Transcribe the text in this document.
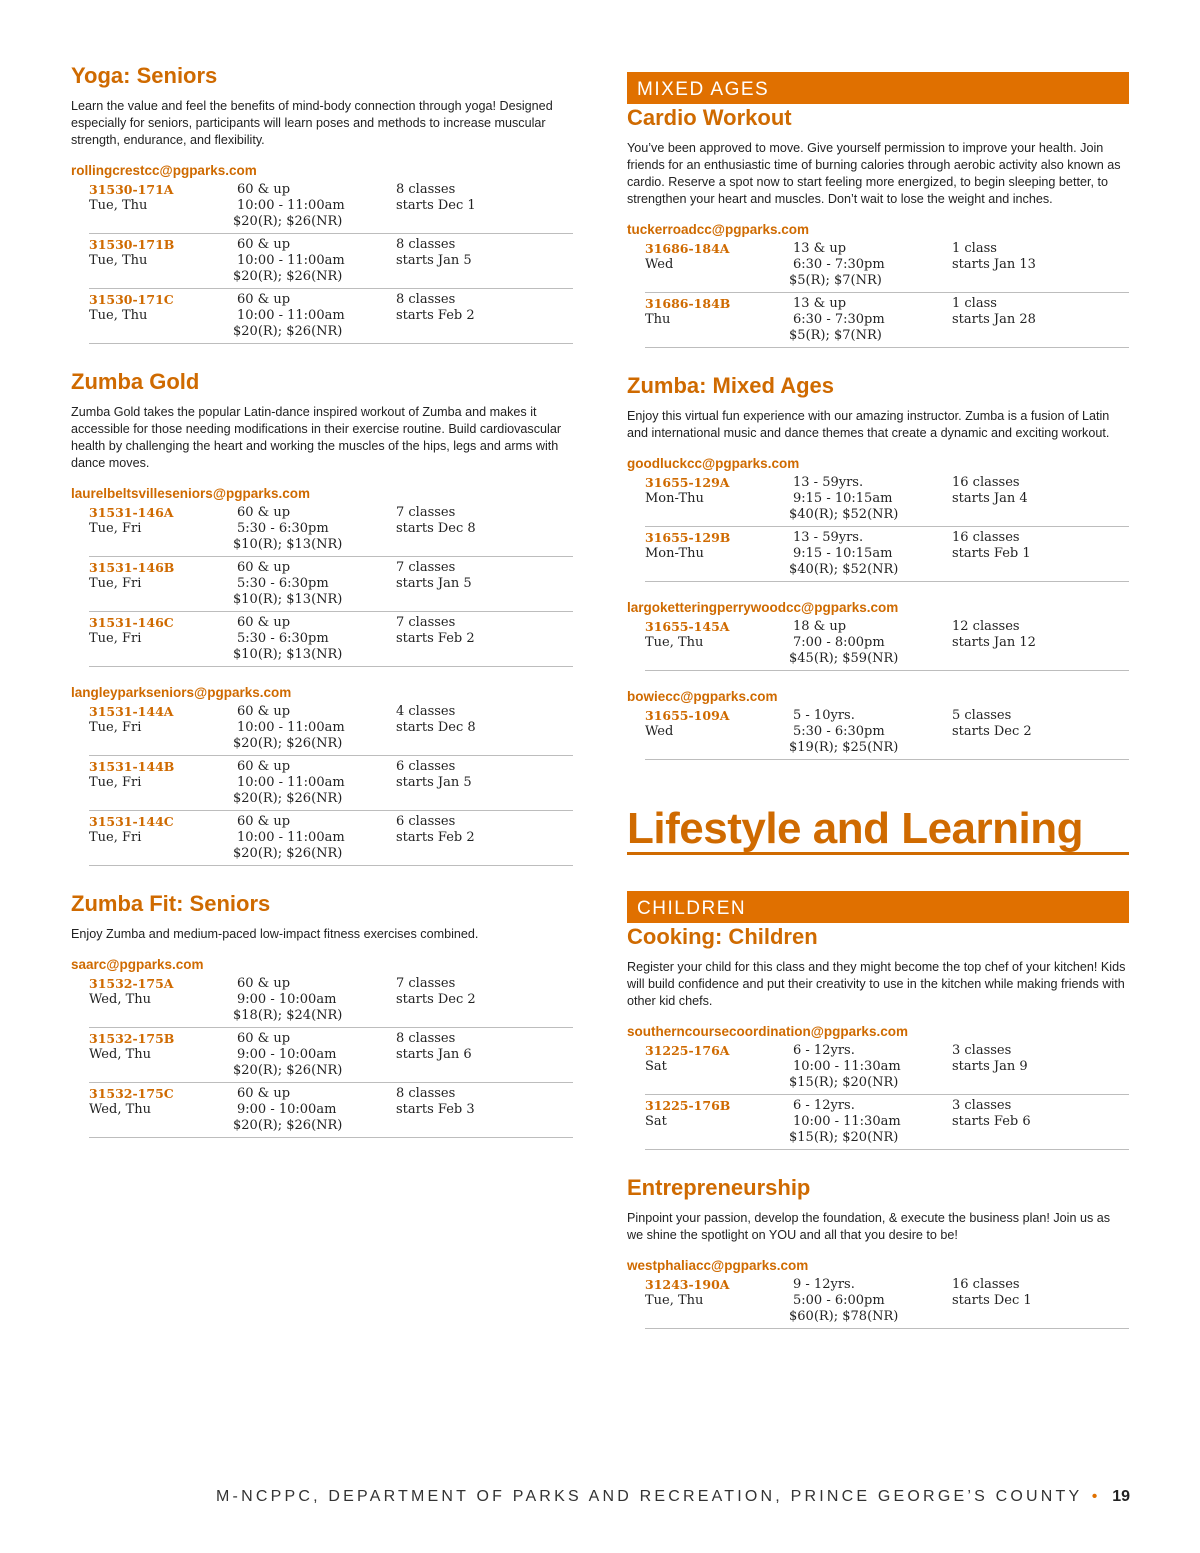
Yoga: Seniors
Learn the value and feel the benefits of mind-body connection through yoga! Designed especially for seniors, participants will learn poses and methods to increase muscular strength, endurance, and flexibility.
rollingcrestcc@pgparks.com
31530-171A
Tue, Thu
60 & up
10:00 - 11:00am
$20(R); $26(NR)
8 classes
starts Dec 1
31530-171B
Tue, Thu
60 & up
10:00 - 11:00am
$20(R); $26(NR)
8 classes
starts Jan 5
31530-171C
Tue, Thu
60 & up
10:00 - 11:00am
$20(R); $26(NR)
8 classes
starts Feb 2
Zumba Gold
Zumba Gold takes the popular Latin-dance inspired workout of Zumba and makes it accessible for those needing modifications in their exercise routine. Build cardiovascular health by challenging the heart and working the muscles of the hips, legs and arms with dance moves.
laurelbeltsvilleseniors@pgparks.com
31531-146A
Tue, Fri
60 & up
5:30 - 6:30pm
$10(R); $13(NR)
7 classes
starts Dec 8
31531-146B
Tue, Fri
60 & up
5:30 - 6:30pm
$10(R); $13(NR)
7 classes
starts Jan 5
31531-146C
Tue, Fri
60 & up
5:30 - 6:30pm
$10(R); $13(NR)
7 classes
starts Feb 2
langleyparkseniors@pgparks.com
31531-144A
Tue, Fri
60 & up
10:00 - 11:00am
$20(R); $26(NR)
4 classes
starts Dec 8
31531-144B
Tue, Fri
60 & up
10:00 - 11:00am
$20(R); $26(NR)
6 classes
starts Jan 5
31531-144C
Tue, Fri
60 & up
10:00 - 11:00am
$20(R); $26(NR)
6 classes
starts Feb 2
Zumba Fit: Seniors
Enjoy Zumba and medium-paced low-impact fitness exercises combined.
saarc@pgparks.com
31532-175A
Wed, Thu
60 & up
9:00 - 10:00am
$18(R); $24(NR)
7 classes
starts Dec 2
31532-175B
Wed, Thu
60 & up
9:00 - 10:00am
$20(R); $26(NR)
8 classes
starts Jan 6
31532-175C
Wed, Thu
60 & up
9:00 - 10:00am
$20(R); $26(NR)
8 classes
starts Feb 3
MIXED AGES
Cardio Workout
You’ve been approved to move. Give yourself permission to improve your health. Join friends for an enthusiastic time of burning calories through aerobic activity also known as cardio. Reserve a spot now to start feeling more energized, to begin sleeping better, to strengthen your heart and muscles. Don’t wait to lose the weight and inches.
tuckerroadcc@pgparks.com
31686-184A
Wed
13 & up
6:30 - 7:30pm
$5(R); $7(NR)
1 class
starts Jan 13
31686-184B
Thu
13 & up
6:30 - 7:30pm
$5(R); $7(NR)
1 class
starts Jan 28
Zumba: Mixed Ages
Enjoy this virtual fun experience with our amazing instructor. Zumba is a fusion of Latin and international music and dance themes that create a dynamic and exciting workout.
goodluckcc@pgparks.com
31655-129A
Mon-Thu
13 - 59yrs.
9:15 - 10:15am
$40(R); $52(NR)
16 classes
starts Jan 4
31655-129B
Mon-Thu
13 - 59yrs.
9:15 - 10:15am
$40(R); $52(NR)
16 classes
starts Feb 1
largoketteringperrywoodcc@pgparks.com
31655-145A
Tue, Thu
18 & up
7:00 - 8:00pm
$45(R); $59(NR)
12 classes
starts Jan 12
bowiecc@pgparks.com
31655-109A
Wed
5 - 10yrs.
5:30 - 6:30pm
$19(R); $25(NR)
5 classes
starts Dec 2
Lifestyle and Learning
CHILDREN
Cooking: Children
Register your child for this class and they might become the top chef of your kitchen! Kids will build confidence and put their creativity to use in the kitchen while making friends with other kid chefs.
southerncoursecoordination@pgparks.com
31225-176A
Sat
6 - 12yrs.
10:00 - 11:30am
$15(R); $20(NR)
3 classes
starts Jan 9
31225-176B
Sat
6 - 12yrs.
10:00 - 11:30am
$15(R); $20(NR)
3 classes
starts Feb 6
Entrepreneurship
Pinpoint your passion, develop the foundation, & execute the business plan! Join us as we shine the spotlight on YOU and all that you desire to be!
westphaliacc@pgparks.com
31243-190A
Tue, Thu
9 - 12yrs.
5:00 - 6:00pm
$60(R); $78(NR)
16 classes
starts Dec 1
M-NCPPC, DEPARTMENT OF PARKS AND RECREATION, PRINCE GEORGE’S COUNTY • 19
